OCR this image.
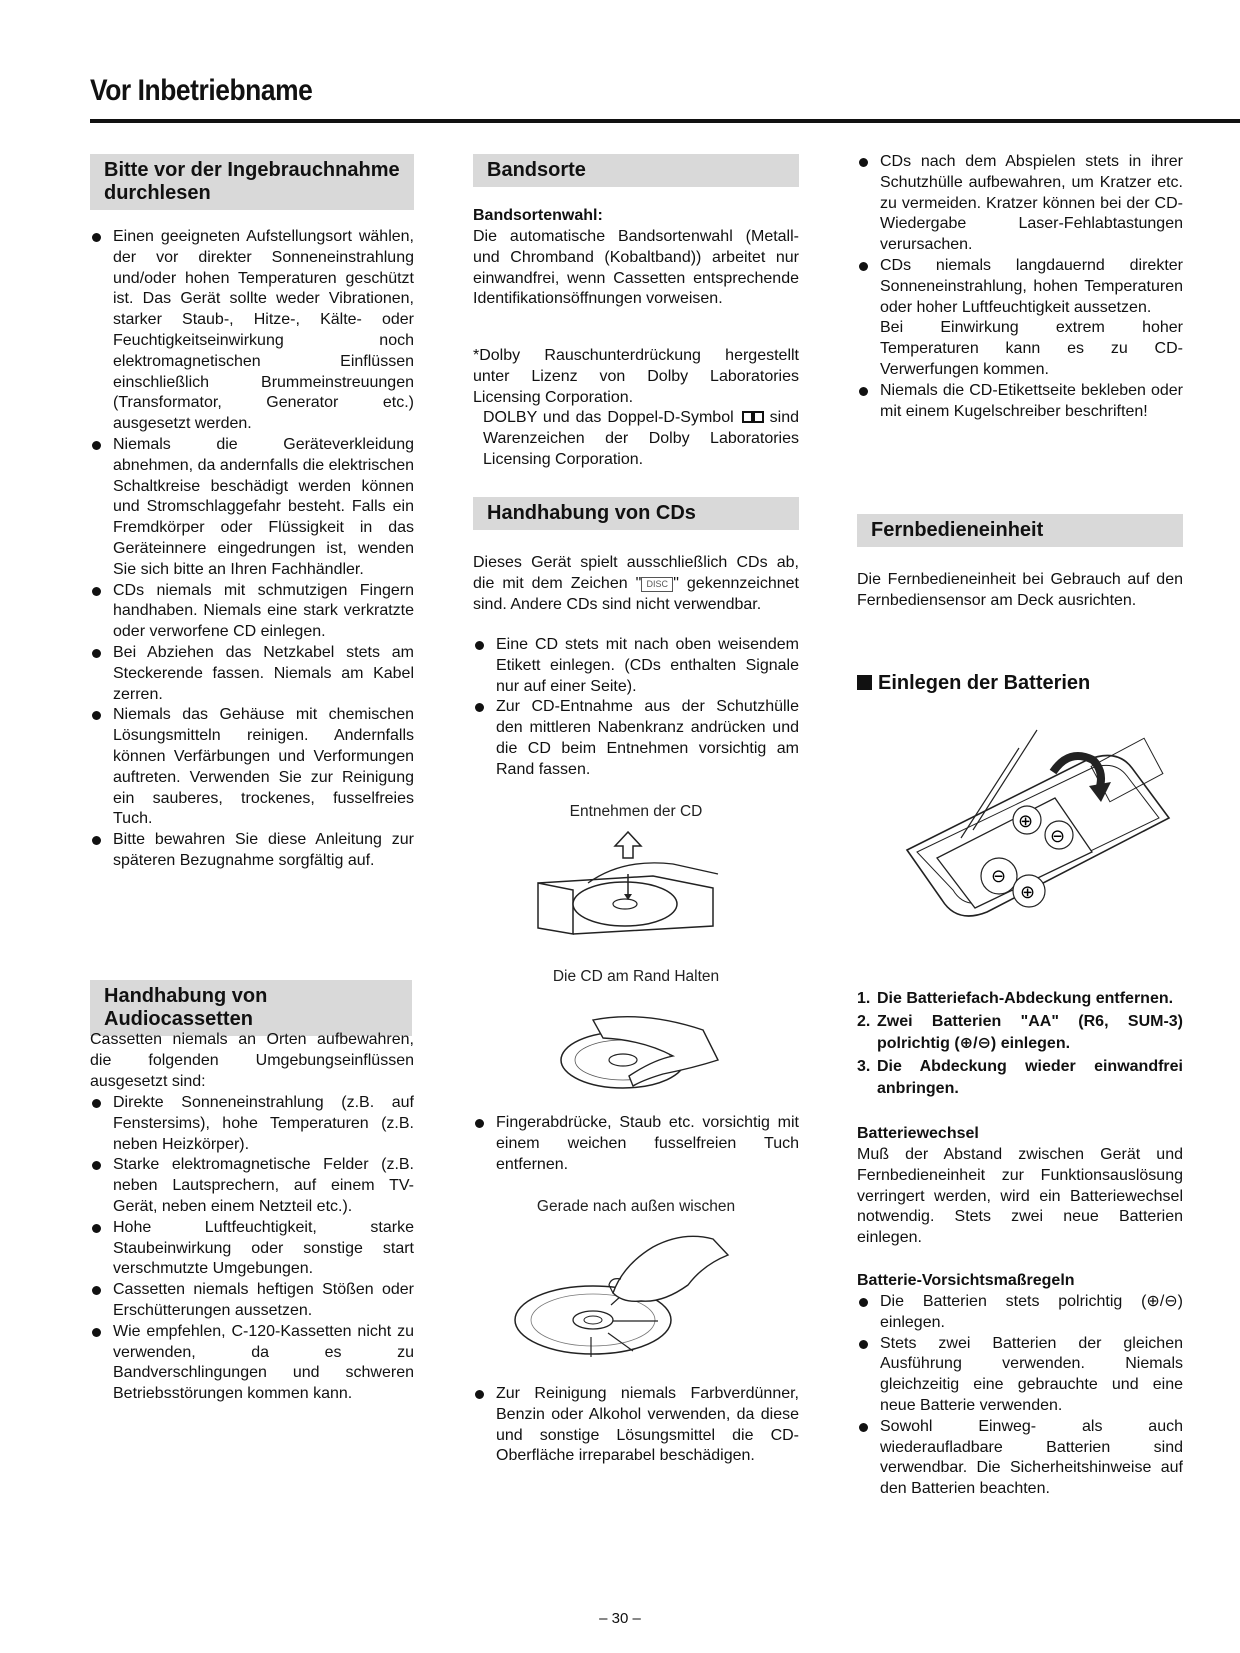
Vor Inbetriebname
Bitte vor der Ingebrauchnahme
durchlesen
Einen geeigneten Aufstellungsort wählen, der vor direkter Sonneneinstrahlung und/oder hohen Temperaturen geschützt ist. Das Gerät sollte weder Vibrationen, starker Staub-, Hitze-, Kälte- oder Feuchtigkeitseinwirkung noch elektromagnetischen Einflüssen einschließlich Brummeinstreuungen (Transformator, Generator etc.) ausgesetzt werden.
Niemals die Geräteverkleidung abnehmen, da andernfalls die elektrischen Schaltkreise beschädigt werden können und Stromschlaggefahr besteht. Falls ein Fremdkörper oder Flüssigkeit in das Geräteinnere eingedrungen ist, wenden Sie sich bitte an Ihren Fachhändler.
CDs niemals mit schmutzigen Fingern handhaben. Niemals eine stark verkratzte oder verworfene CD einlegen.
Bei Abziehen das Netzkabel stets am Steckerende fassen. Niemals am Kabel zerren.
Niemals das Gehäuse mit chemischen Lösungsmitteln reinigen. Andernfalls können Verfärbungen und Verformungen auftreten. Verwenden Sie zur Reinigung ein sauberes, trockenes, fusselfreies Tuch.
Bitte bewahren Sie diese Anleitung zur späteren Bezugnahme sorgfältig auf.
Handhabung von Audiocassetten
Cassetten niemals an Orten aufbewahren, die folgenden Umgebungseinflüssen ausgesetzt sind:
Direkte Sonneneinstrahlung (z.B. auf Fenstersims), hohe Temperaturen (z.B. neben Heizkörper).
Starke elektromagnetische Felder (z.B. neben Lautsprechern, auf einem TV-Gerät, neben einem Netzteil etc.).
Hohe Luftfeuchtigkeit, starke Staubeinwirkung oder sonstige start verschmutzte Umgebungen.
Cassetten niemals heftigen Stößen oder Erschütterungen aussetzen.
Wie empfehlen, C-120-Kassetten nicht zu verwenden, da es zu Bandverschlingungen und schweren Betriebsstörungen kommen kann.
Bandsorte
Bandsortenwahl:
Die automatische Bandsortenwahl (Metall- und Chromband (Kobaltband)) arbeitet nur einwandfrei, wenn Cassetten entsprechende Identifikationsöffnungen vorweisen.
*Dolby Rauschunterdrückung hergestellt unter Lizenz von Dolby Laboratories Licensing Corporation.
DOLBY und das Doppel-D-Symbol sind Warenzeichen der Dolby Laboratories Licensing Corporation.
Handhabung von CDs
Dieses Gerät spielt ausschließlich CDs ab, die mit dem Zeichen " DISC " gekennzeichnet sind. Andere CDs sind nicht verwendbar.
Eine CD stets mit nach oben weisendem Etikett einlegen. (CDs enthalten Signale nur auf einer Seite).
Zur CD-Entnahme aus der Schutzhülle den mittleren Nabenkranz andrücken und die CD beim Entnehmen vorsichtig am Rand fassen.
Entnehmen der CD
Die CD am Rand Halten
Fingerabdrücke, Staub etc. vorsichtig mit einem weichen fusselfreien Tuch entfernen.
Gerade nach außen wischen
Zur Reinigung niemals Farbverdünner, Benzin oder Alkohol verwenden, da diese und sonstige Lösungsmittel die CD-Oberfläche irreparabel beschädigen.
CDs nach dem Abspielen stets in ihrer Schutzhülle aufbewahren, um Kratzer etc. zu vermeiden. Kratzer können bei der CD-Wiedergabe Laser-Fehlabtastungen verursachen.
CDs niemals langdauernd direkter Sonneneinstrahlung, hohen Temperaturen oder hoher Luftfeuchtigkeit aussetzen.
Bei Einwirkung extrem hoher Temperaturen kann es zu CD-Verwerfungen kommen.
Niemals die CD-Etikettseite bekleben oder mit einem Kugelschreiber beschriften!
Fernbedieneinheit
Die Fernbedieneinheit bei Gebrauch auf den Fernbediensensor am Deck ausrichten.
Einlegen der Batterien
⊖
⊕
⊕
⊖
1. Die Batteriefach-Abdeckung entfernen.
2. Zwei Batterien "AA" (R6, SUM-3) polrichtig (⊕/⊖) einlegen.
3. Die Abdeckung wieder einwandfrei anbringen.
Batteriewechsel
Muß der Abstand zwischen Gerät und Fernbedieneinheit zur Funktionsauslösung verringert werden, wird ein Batteriewechsel notwendig. Stets zwei neue Batterien einlegen.
Batterie-Vorsichtsmaßregeln
Die Batterien stets polrichtig (⊕/⊖) einlegen.
Stets zwei Batterien der gleichen Ausführung verwenden. Niemals gleichzeitig eine gebrauchte und eine neue Batterie verwenden.
Sowohl Einweg- als auch wiederaufladbare Batterien sind verwendbar. Die Sicherheitshinweise auf den Batterien beachten.
– 30 –
